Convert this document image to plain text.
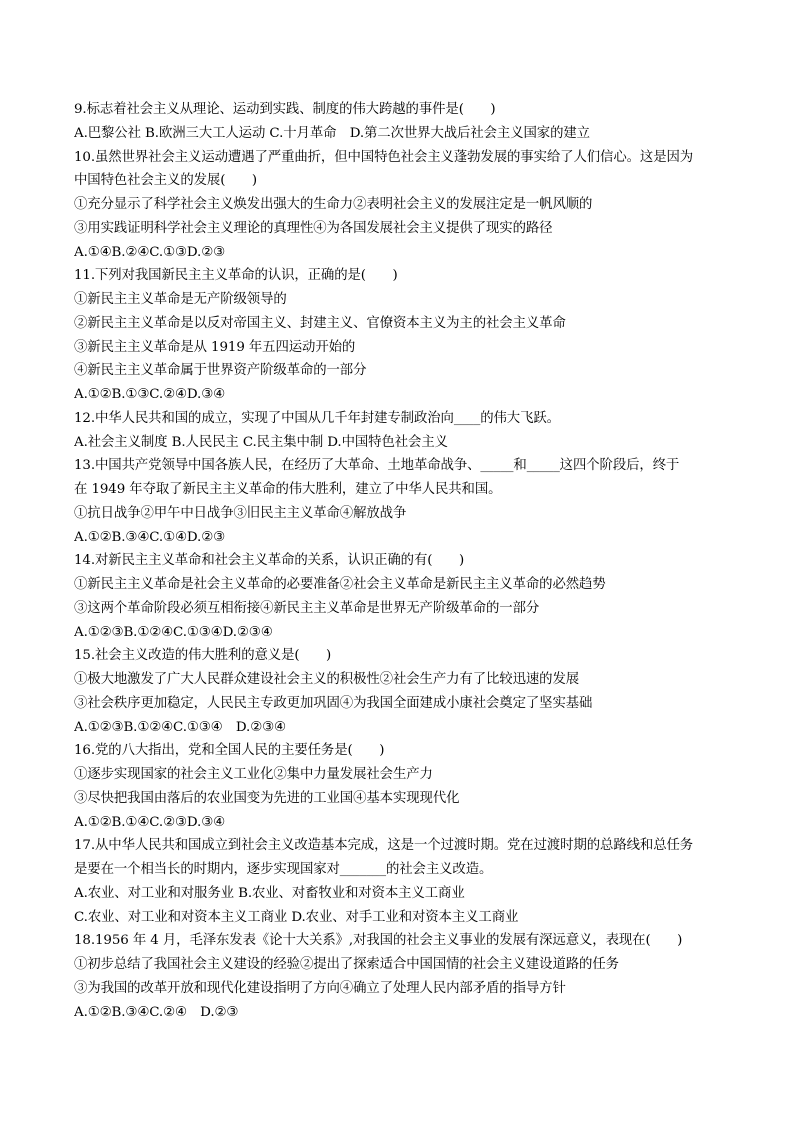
9.标志着社会主义从理论、运动到实践、制度的伟大跨越的事件是(　　)
A.巴黎公社 B.欧洲三大工人运动 C.十月革命　D.第二次世界大战后社会主义国家的建立
10.虽然世界社会主义运动遭遇了严重曲折，但中国特色社会主义蓬勃发展的事实给了人们信心。这是因为
中国特色社会主义的发展(　　)
①充分显示了科学社会主义焕发出强大的生命力②表明社会主义的发展注定是一帆风顺的
③用实践证明科学社会主义理论的真理性④为各国发展社会主义提供了现实的路径
A.①④B.②④C.①③D.②③
11.下列对我国新民主主义革命的认识，正确的是(　　)
①新民主主义革命是无产阶级领导的
②新民主主义革命是以反对帝国主义、封建主义、官僚资本主义为主的社会主义革命
③新民主主义革命是从 1919 年五四运动开始的
④新民主主义革命属于世界资产阶级革命的一部分
A.①②B.①③C.②④D.③④
12.中华人民共和国的成立，实现了中国从几千年封建专制政治向____的伟大飞跃。
A.社会主义制度 B.人民民主 C.民主集中制 D.中国特色社会主义
13.中国共产党领导中国各族人民，在经历了大革命、土地革命战争、_____和_____这四个阶段后，终于
在 1949 年夺取了新民主主义革命的伟大胜利，建立了中华人民共和国。
①抗日战争②甲午中日战争③旧民主主义革命④解放战争
A.①②B.③④C.①④D.②③
14.对新民主主义革命和社会主义革命的关系，认识正确的有(　　)
①新民主主义革命是社会主义革命的必要准备②社会主义革命是新民主主义革命的必然趋势
③这两个革命阶段必须互相衔接④新民主主义革命是世界无产阶级革命的一部分
A.①②③B.①②④C.①③④D.②③④
15.社会主义改造的伟大胜利的意义是(　　)
①极大地激发了广大人民群众建设社会主义的积极性②社会生产力有了比较迅速的发展
③社会秩序更加稳定，人民民主专政更加巩固④为我国全面建成小康社会奠定了坚实基础
A.①②③B.①②④C.①③④　D.②③④
16.党的八大指出，党和全国人民的主要任务是(　　)
①逐步实现国家的社会主义工业化②集中力量发展社会生产力
③尽快把我国由落后的农业国变为先进的工业国④基本实现现代化
A.①②B.①④C.②③D.③④
17.从中华人民共和国成立到社会主义改造基本完成，这是一个过渡时期。党在过渡时期的总路线和总任务
是要在一个相当长的时期内，逐步实现国家对_______的社会主义改造。
A.农业、对工业和对服务业 B.农业、对畜牧业和对资本主义工商业
C.农业、对工业和对资本主义工商业 D.农业、对手工业和对资本主义工商业
18.1956 年 4 月，毛泽东发表《论十大关系》,对我国的社会主义事业的发展有深远意义，表现在(　　)
①初步总结了我国社会主义建设的经验②提出了探索适合中国国情的社会主义建设道路的任务
③为我国的改革开放和现代化建设指明了方向④确立了处理人民内部矛盾的指导方针
A.①②B.③④C.②④　D.②③
